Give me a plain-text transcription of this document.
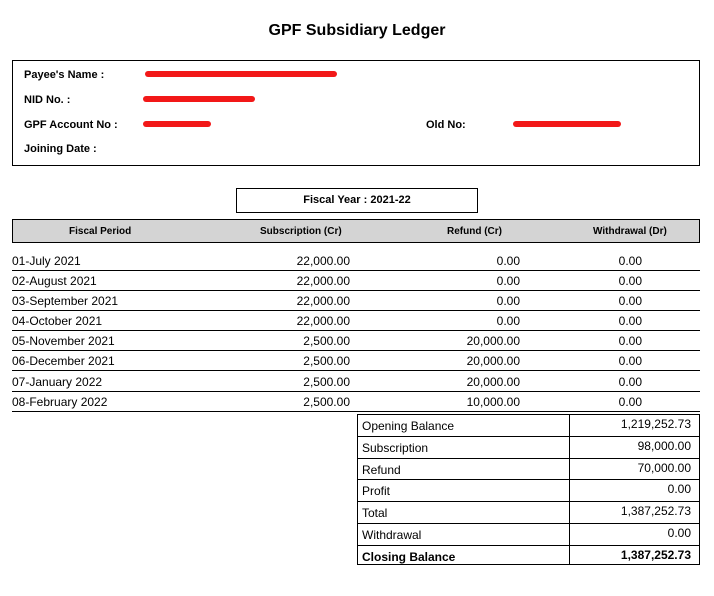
GPF Subsidiary Ledger
Payee's Name :
NID No. :
GPF Account No :	Old No:
Joining Date :
Fiscal Year : 2021-22
Fiscal Period	Subscription (Cr)	Refund (Cr)	Withdrawal (Dr)
01-July 2021	22,000.00	0.00	0.00
02-August 2021	22,000.00	0.00	0.00
03-September 2021	22,000.00	0.00	0.00
04-October 2021	22,000.00	0.00	0.00
05-November 2021	2,500.00	20,000.00	0.00
06-December 2021	2,500.00	20,000.00	0.00
07-January 2022	2,500.00	20,000.00	0.00
08-February 2022	2,500.00	10,000.00	0.00
Opening Balance	1,219,252.73
Subscription	98,000.00
Refund	70,000.00
Profit	0.00
Total	1,387,252.73
Withdrawal	0.00
Closing Balance	1,387,252.73
